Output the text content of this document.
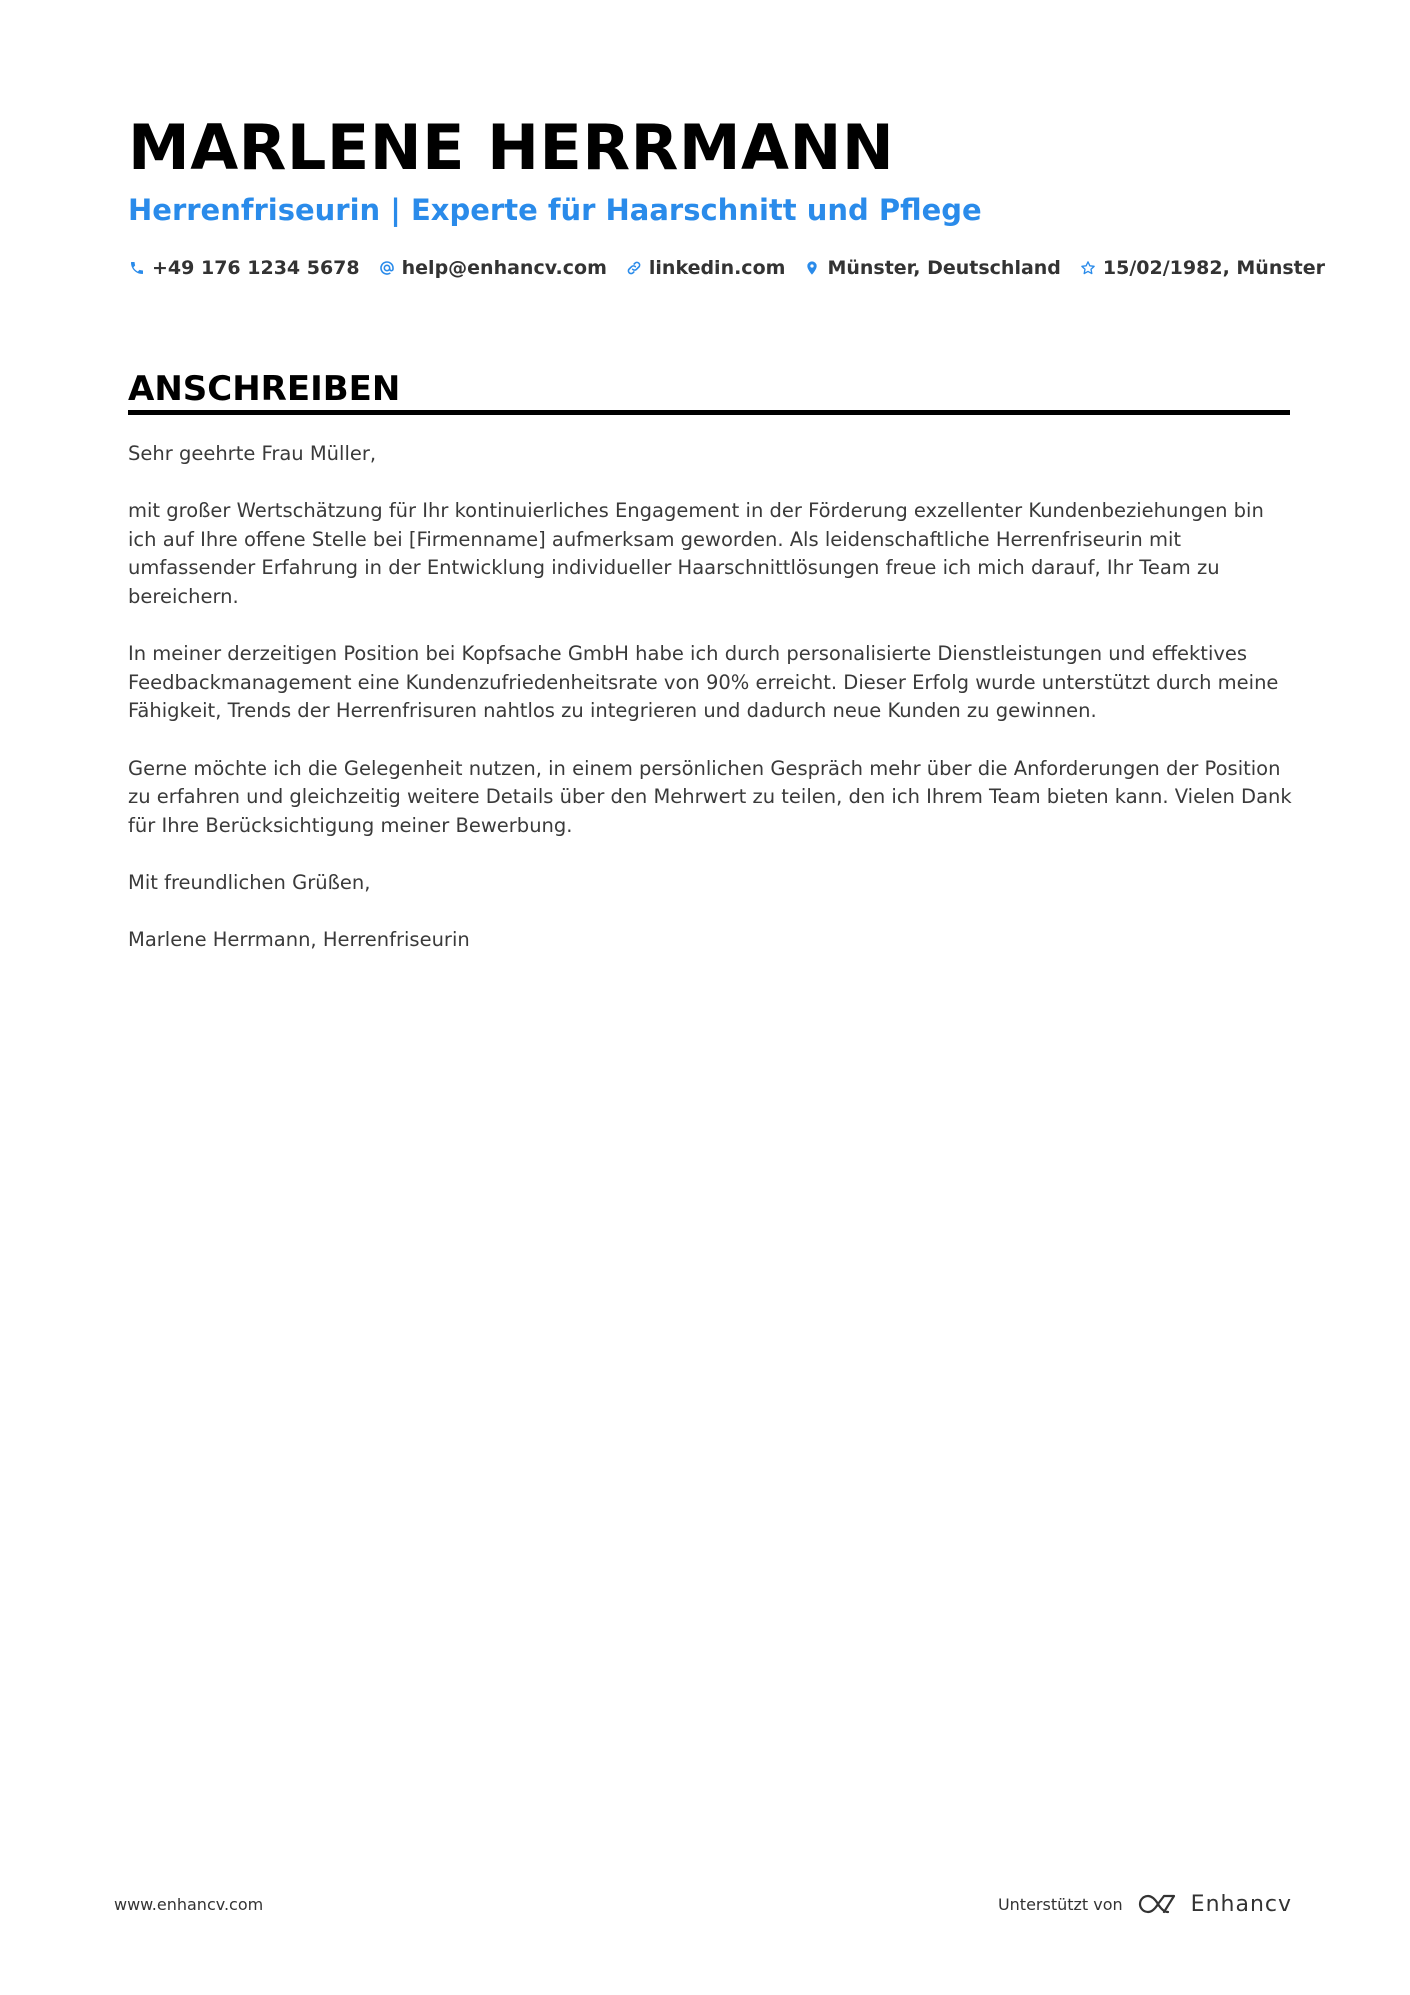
MARLENE HERRMANN
Herrenfriseurin | Experte für Haarschnitt und Pflege
+49 176 1234 5678 help@enhancv.com linkedin.com Münster, Deutschland 15/02/1982, Münster
ANSCHREIBEN

Sehr geehrte Frau Müller,

mit großer Wertschätzung für Ihr kontinuierliches Engagement in der Förderung exzellenter Kundenbeziehungen bin ich auf Ihre offene Stelle bei [Firmenname] aufmerksam geworden. Als leidenschaftliche Herrenfriseurin mit umfassender Erfahrung in der Entwicklung individueller Haarschnittlösungen freue ich mich darauf, Ihr Team zu bereichern.

In meiner derzeitigen Position bei Kopfsache GmbH habe ich durch personalisierte Dienstleistungen und effektives Feedbackmanagement eine Kundenzufriedenheitsrate von 90% erreicht. Dieser Erfolg wurde unterstützt durch meine Fähigkeit, Trends der Herrenfrisuren nahtlos zu integrieren und dadurch neue Kunden zu gewinnen.

Gerne möchte ich die Gelegenheit nutzen, in einem persönlichen Gespräch mehr über die Anforderungen der Position zu erfahren und gleichzeitig weitere Details über den Mehrwert zu teilen, den ich Ihrem Team bieten kann. Vielen Dank für Ihre Berücksichtigung meiner Bewerbung.

Mit freundlichen Grüßen,

Marlene Herrmann, Herrenfriseurin

www.enhancv.com	Unterstützt von	Enhancv
